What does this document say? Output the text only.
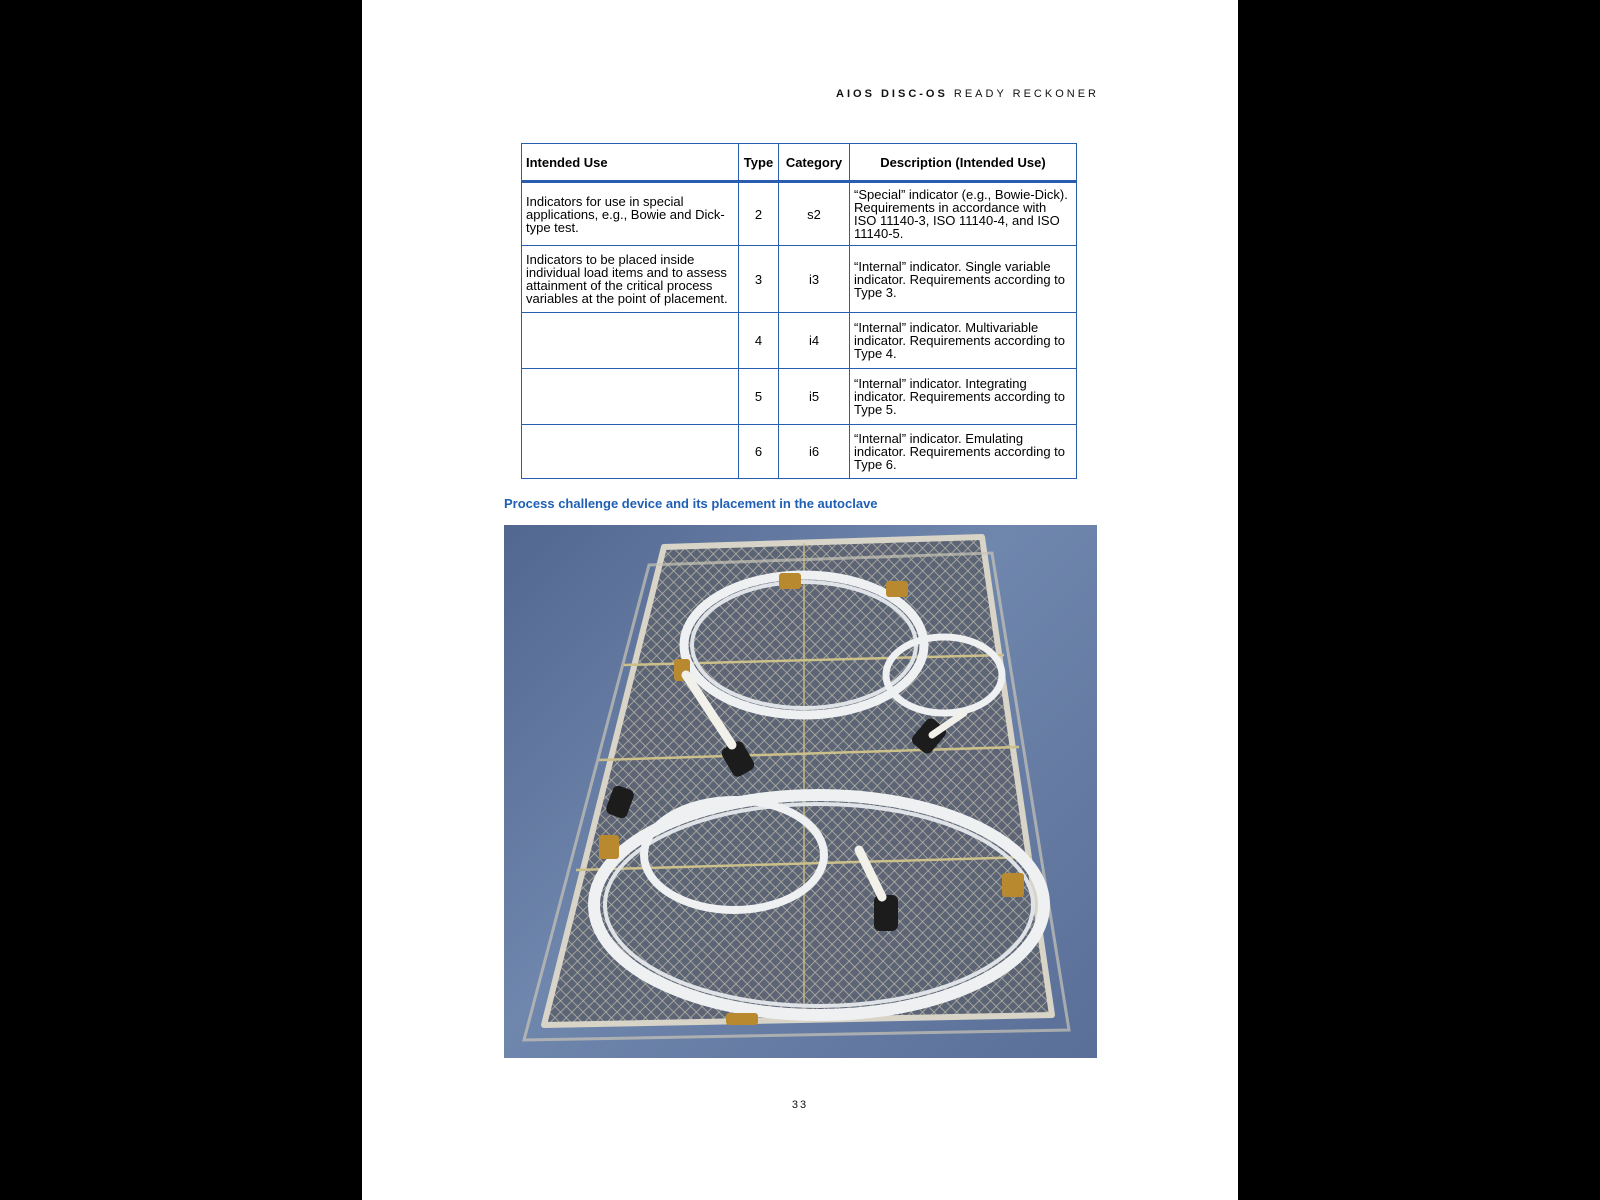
AIOS DISC-OS READY RECKONER
Intended Use	Type	Category	Description (Intended Use)
Indicators for use in special applications, e.g., Bowie and Dick-type test.	2	s2	“Special” indicator (e.g., Bowie-Dick). Requirements in accordance with ISO 11140-3, ISO 11140-4, and ISO 11140-5.
Indicators to be placed inside individual load items and to assess attainment of the critical process variables at the point of placement.	3	i3	“Internal” indicator. Single variable indicator. Requirements according to Type 3.
	4	i4	“Internal” indicator. Multivariable indicator. Requirements according to Type 4.
	5	i5	“Internal” indicator. Integrating indicator. Requirements according to Type 5.
	6	i6	“Internal” indicator. Emulating indicator. Requirements according to Type 6.
Process challenge device and its placement in the autoclave
33
